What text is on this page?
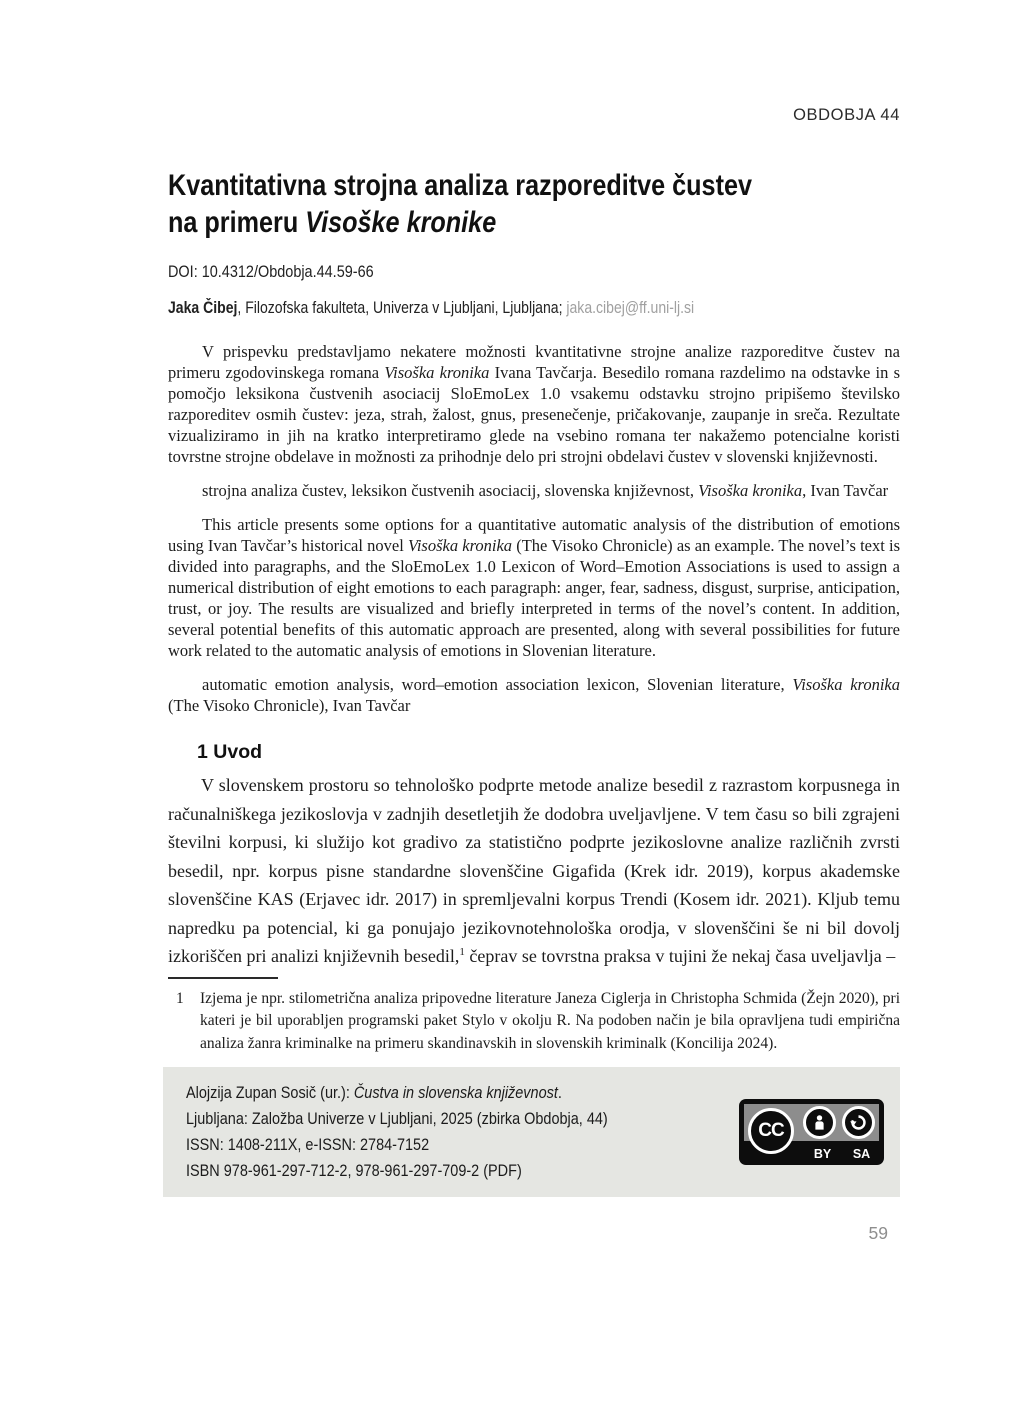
OBDOBJA 44
Kvantitativna strojna analiza razporeditve čustev
na primeru Visoške kronike
DOI: 10.4312/Obdobja.44.59-66
Jaka Čibej, Filozofska fakulteta, Univerza v Ljubljani, Ljubljana; jaka.cibej@ff.uni-lj.si

V prispevku predstavljamo nekatere možnosti kvantitativne strojne analize razporeditve čustev na primeru zgodovinskega romana Visoška kronika Ivana Tavčarja. Besedilo romana razdelimo na odstavke in s pomočjo leksikona čustvenih asociacij SloEmoLex 1.0 vsakemu odstavku strojno pripišemo številsko razporeditev osmih čustev: jeza, strah, žalost, gnus, presenečenje, pričakovanje, zaupanje in sreča. Rezultate vizualiziramo in jih na kratko interpretiramo glede na vsebino romana ter nakažemo potencialne koristi tovrstne strojne obdelave in možnosti za prihodnje delo pri strojni obdelavi čustev v slovenski književnosti.

strojna analiza čustev, leksikon čustvenih asociacij, slovenska književnost, Visoška kronika, Ivan Tavčar

This article presents some options for a quantitative automatic analysis of the distribution of emotions using Ivan Tavčar’s historical novel Visoška kronika (The Visoko Chronicle) as an example. The novel’s text is divided into paragraphs, and the SloEmoLex 1.0 Lexicon of Word–Emotion Associations is used to assign a numerical distribution of eight emotions to each paragraph: anger, fear, sadness, disgust, surprise, anticipation, trust, or joy. The results are visualized and briefly interpreted in terms of the novel’s content. In addition, several potential benefits of this automatic approach are presented, along with several possibilities for future work related to the automatic analysis of emotions in Slovenian literature.

automatic emotion analysis, word–emotion association lexicon, Slovenian literature, Visoška kronika (The Visoko Chronicle), Ivan Tavčar

1 Uvod

V slovenskem prostoru so tehnološko podprte metode analize besedil z razrastom korpusnega in računalniškega jezikoslovja v zadnjih desetletjih že dodobra uveljavljene. V tem času so bili zgrajeni številni korpusi, ki služijo kot gradivo za statistično podprte jezikoslovne analize različnih zvrsti besedil, npr. korpus pisne standardne slovenščine Gigafida (Krek idr. 2019), korpus akademske slovenščine KAS (Erjavec idr. 2017) in spremljevalni korpus Trendi (Kosem idr. 2021). Kljub temu napredku pa potencial, ki ga ponujajo jezikovnotehnološka orodja, v slovenščini še ni bil dovolj izkoriščen pri analizi književnih besedil,$^1$ čeprav se tovrstna praksa v tujini že nekaj časa uveljavlja –

1	Izjema je npr. stilometrična analiza pripovedne literature Janeza Ciglerja in Christopha Schmida (Žejn 2020), pri kateri je bil uporabljen programski paket Stylo v okolju R. Na podoben način je bila opravljena tudi empirična analiza žanra kriminalke na primeru skandinavskih in slovenskih kriminalk (Koncilija 2024).
Alojzija Zupan Sosič (ur.): Čustva in slovenska književnost.
Ljubljana: Založba Univerze v Ljubljani, 2025 (zbirka Obdobja, 44)
ISSN: 1408-211X, e-ISSN: 2784-7152
ISBN 978-961-297-712-2, 978-961-297-709-2 (PDF)
CC
BY	SA
59
